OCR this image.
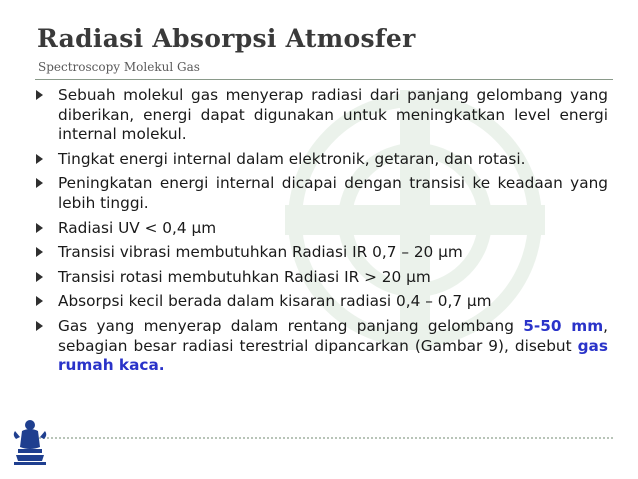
Radiasi Absorpsi Atmosfer
Spectroscopy Molekul Gas
Sebuah molekul gas menyerap radiasi dari panjang gelombang yang diberikan, energi dapat digunakan untuk meningkatkan level energi internal molekul.
Tingkat energi internal dalam elektronik, getaran, dan rotasi.
Peningkatan energi internal dicapai dengan transisi ke keadaan yang lebih tinggi.
Radiasi UV < 0,4 μm
Transisi vibrasi membutuhkan Radiasi IR 0,7 – 20 μm
Transisi rotasi membutuhkan Radiasi IR > 20 μm
Absorpsi kecil berada dalam kisaran radiasi 0,4 – 0,7 μm
Gas yang menyerap dalam rentang panjang gelombang 5-50 mm, sebagian besar radiasi terestrial dipancarkan (Gambar 9), disebut gas rumah kaca.
